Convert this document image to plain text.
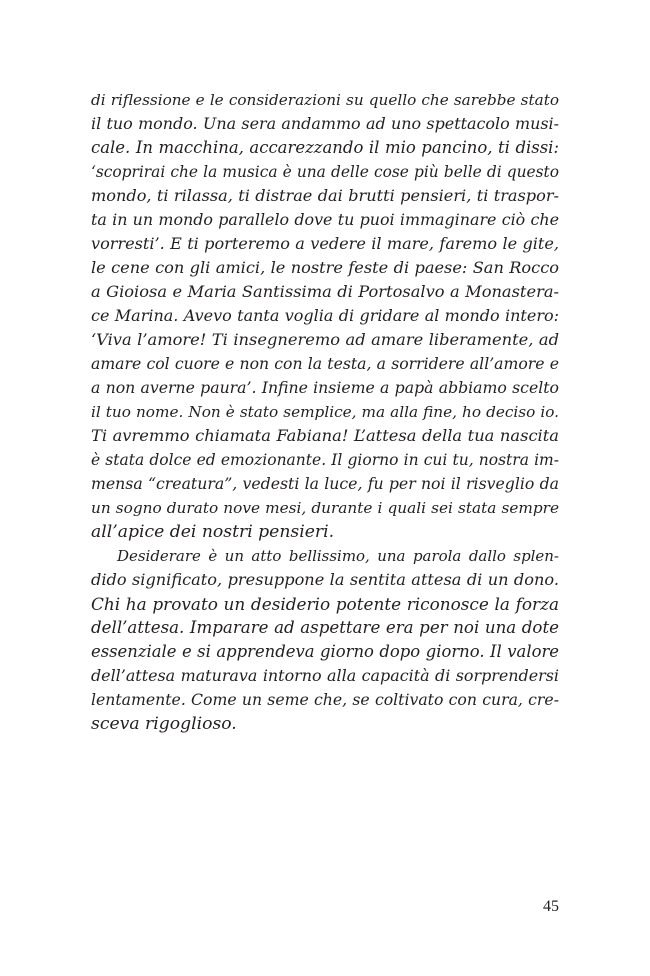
di riflessione e le considerazioni su quello che sarebbe stato
il tuo mondo. Una sera andammo ad uno spettacolo musi-
cale. In macchina, accarezzando il mio pancino, ti dissi:
‘scoprirai che la musica è una delle cose più belle di questo
mondo, ti rilassa, ti distrae dai brutti pensieri, ti traspor-
ta in un mondo parallelo dove tu puoi immaginare ciò che
vorresti’. E ti porteremo a vedere il mare, faremo le gite,
le cene con gli amici, le nostre feste di paese: San Rocco
a Gioiosa e Maria Santissima di Portosalvo a Monastera-
ce Marina. Avevo tanta voglia di gridare al mondo intero:
‘Viva l’amore! Ti insegneremo ad amare liberamente, ad
amare col cuore e non con la testa, a sorridere all’amore e
a non averne paura’. Infine insieme a papà abbiamo scelto
il tuo nome. Non è stato semplice, ma alla fine, ho deciso io.
Ti avremmo chiamata Fabiana! L’attesa della tua nascita
è stata dolce ed emozionante. Il giorno in cui tu, nostra im-
mensa “creatura”, vedesti la luce, fu per noi il risveglio da
un sogno durato nove mesi, durante i quali sei stata sempre
all’apice dei nostri pensieri.
Desiderare è un atto bellissimo, una parola dallo splen-
dido significato, presuppone la sentita attesa di un dono.
Chi ha provato un desiderio potente riconosce la forza
dell’attesa. Imparare ad aspettare era per noi una dote
essenziale e si apprendeva giorno dopo giorno. Il valore
dell’attesa maturava intorno alla capacità di sorprendersi
lentamente. Come un seme che, se coltivato con cura, cre-
sceva rigoglioso.
45
